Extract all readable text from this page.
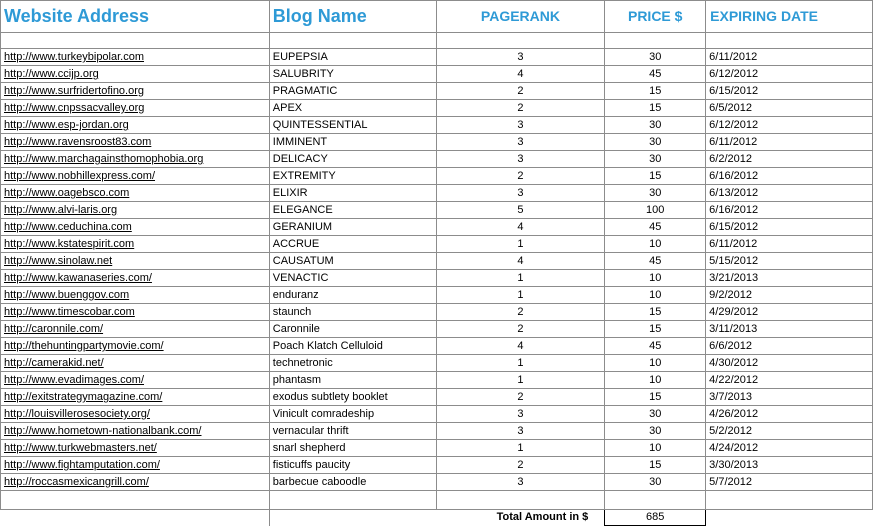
Website Address	Blog Name	PAGERANK	PRICE $	EXPIRING DATE

http://www.turkeybipolar.com	EUPEPSIA	3	30	6/11/2012
http://www.ccijp.org	SALUBRITY	4	45	6/12/2012
http://www.surfridertofino.org	PRAGMATIC	2	15	6/15/2012
http://www.cnpssacvalley.org	APEX	2	15	6/5/2012
http://www.esp-jordan.org	QUINTESSENTIAL	3	30	6/12/2012
http://www.ravensroost83.com	IMMINENT	3	30	6/11/2012
http://www.marchagainsthomophobia.org	DELICACY	3	30	6/2/2012
http://www.nobhillexpress.com/	EXTREMITY	2	15	6/16/2012
http://www.oagebsco.com	ELIXIR	3	30	6/13/2012
http://www.alvi-laris.org	ELEGANCE	5	100	6/16/2012
http://www.ceduchina.com	GERANIUM	4	45	6/15/2012
http://www.kstatespirit.com	ACCRUE	1	10	6/11/2012
http://www.sinolaw.net	CAUSATUM	4	45	5/15/2012
http://www.kawanaseries.com/	VENACTIC	1	10	3/21/2013
http://www.buenggov.com	enduranz	1	10	9/2/2012
http://www.timescobar.com	staunch	2	15	4/29/2012
http://caronnile.com/	Caronnile	2	15	3/11/2013
http://thehuntingpartymovie.com/	Poach Klatch Celluloid	4	45	6/6/2012
http://camerakid.net/	technetronic	1	10	4/30/2012
http://www.evadimages.com/	phantasm	1	10	4/22/2012
http://exitstrategymagazine.com/	exodus subtlety booklet	2	15	3/7/2013
http://louisvillerosesociety.org/	Vinicult comradeship	3	30	4/26/2012
http://www.hometown-nationalbank.com/	vernacular thrift	3	30	5/2/2012
http://www.turkwebmasters.net/	snarl shepherd	1	10	4/24/2012
http://www.fightamputation.com/	fisticuffs paucity	2	15	3/30/2013
http://roccasmexicangrill.com/	barbecue caboodle	3	30	5/7/2012

	Total Amount in $		685	
